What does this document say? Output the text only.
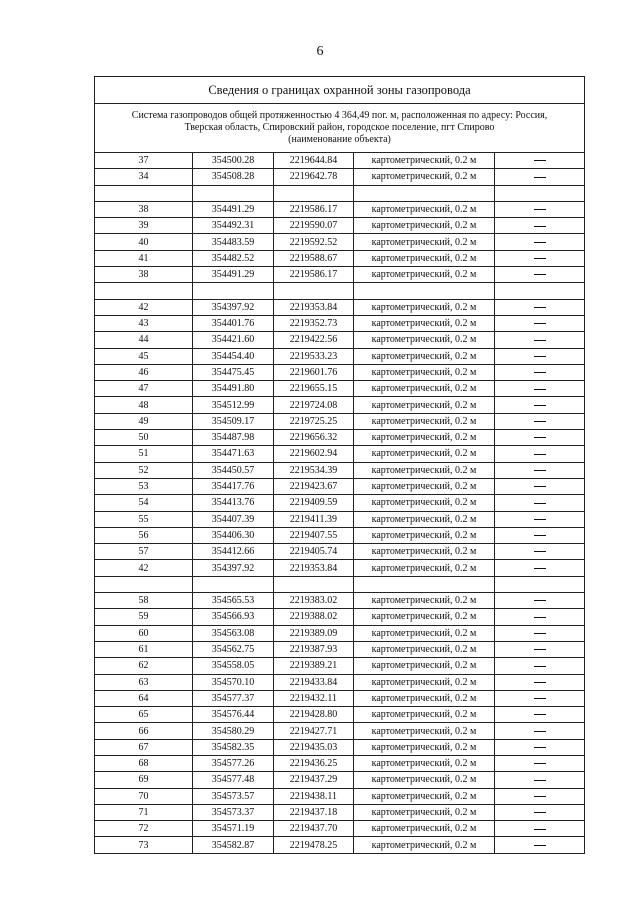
6
Сведения о границах охранной зоны газопровода				

Система газопроводов общей протяженностью 4 364,49 пог. м, расположенная по адресу: Россия,
Тверская область, Спировский район, городское поселение, пгт Спирово
(наименование объекта)				

37	354500.28	2219644.84	картометрический, 0.2 м	
34	354508.28	2219642.78	картометрический, 0.2 м	

38	354491.29	2219586.17	картометрический, 0.2 м	
39	354492.31	2219590.07	картометрический, 0.2 м	
40	354483.59	2219592.52	картометрический, 0.2 м	
41	354482.52	2219588.67	картометрический, 0.2 м	
38	354491.29	2219586.17	картометрический, 0.2 м	

42	354397.92	2219353.84	картометрический, 0.2 м	
43	354401.76	2219352.73	картометрический, 0.2 м	
44	354421.60	2219422.56	картометрический, 0.2 м	
45	354454.40	2219533.23	картометрический, 0.2 м	
46	354475.45	2219601.76	картометрический, 0.2 м	
47	354491.80	2219655.15	картометрический, 0.2 м	
48	354512.99	2219724.08	картометрический, 0.2 м	
49	354509.17	2219725.25	картометрический, 0.2 м	
50	354487.98	2219656.32	картометрический, 0.2 м	
51	354471.63	2219602.94	картометрический, 0.2 м	
52	354450.57	2219534.39	картометрический, 0.2 м	
53	354417.76	2219423.67	картометрический, 0.2 м	
54	354413.76	2219409.59	картометрический, 0.2 м	
55	354407.39	2219411.39	картометрический, 0.2 м	
56	354406.30	2219407.55	картометрический, 0.2 м	
57	354412.66	2219405.74	картометрический, 0.2 м	
42	354397.92	2219353.84	картометрический, 0.2 м	

58	354565.53	2219383.02	картометрический, 0.2 м	
59	354566.93	2219388.02	картометрический, 0.2 м	
60	354563.08	2219389.09	картометрический, 0.2 м	
61	354562.75	2219387.93	картометрический, 0.2 м	
62	354558.05	2219389.21	картометрический, 0.2 м	
63	354570.10	2219433.84	картометрический, 0.2 м	
64	354577.37	2219432.11	картометрический, 0.2 м	
65	354576.44	2219428.80	картометрический, 0.2 м	
66	354580.29	2219427.71	картометрический, 0.2 м	
67	354582.35	2219435.03	картометрический, 0.2 м	
68	354577.26	2219436.25	картометрический, 0.2 м	
69	354577.48	2219437.29	картометрический, 0.2 м	
70	354573.57	2219438.11	картометрический, 0.2 м	
71	354573.37	2219437.18	картометрический, 0.2 м	
72	354571.19	2219437.70	картометрический, 0.2 м	
73	354582.87	2219478.25	картометрический, 0.2 м	
